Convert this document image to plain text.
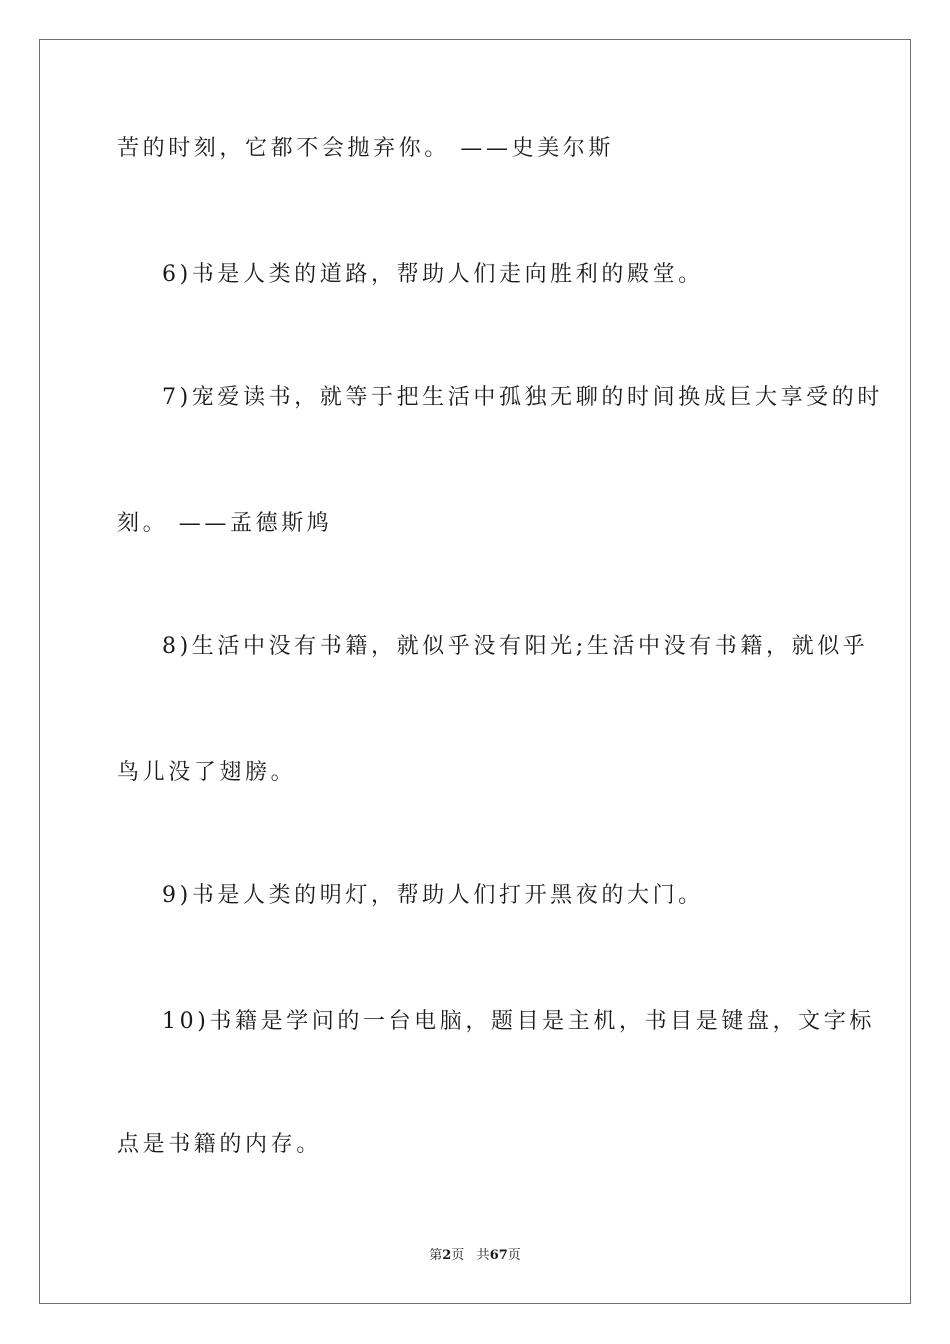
苦的时刻，它都不会抛弃你。 ——史美尔斯
6)书是人类的道路，帮助人们走向胜利的殿堂。
7)宠爱读书，就等于把生活中孤独无聊的时间换成巨大享受的时
刻。 ——孟德斯鸠
8)生活中没有书籍，就似乎没有阳光;生活中没有书籍，就似乎
鸟儿没了翅膀。
9)书是人类的明灯，帮助人们打开黑夜的大门。
10)书籍是学问的一台电脑，题目是主机，书目是键盘，文字标
点是书籍的内存。
第2页 共67页
